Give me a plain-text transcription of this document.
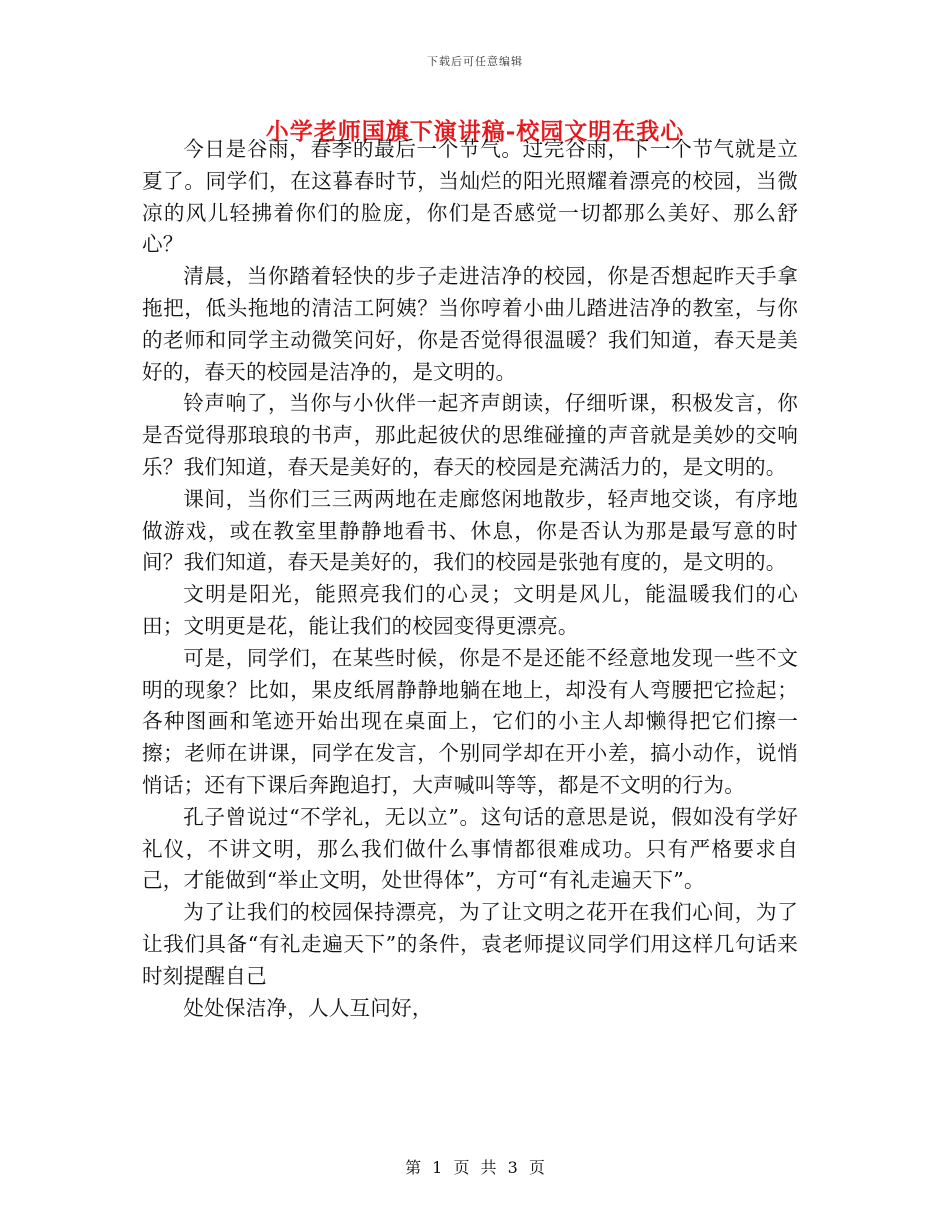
下载后可任意编辑
小学老师国旗下演讲稿-校园文明在我心

今日是谷雨，春季的最后一个节气。过完谷雨，下一个节气就是立夏了。同学们，在这暮春时节，当灿烂的阳光照耀着漂亮的校园，当微凉的风儿轻拂着你们的脸庞，你们是否感觉一切都那么美好、那么舒心？

清晨，当你踏着轻快的步子走进洁净的校园，你是否想起昨天手拿拖把，低头拖地的清洁工阿姨？当你哼着小曲儿踏进洁净的教室，与你的老师和同学主动微笑问好，你是否觉得很温暖？我们知道，春天是美好的，春天的校园是洁净的，是文明的。

铃声响了，当你与小伙伴一起齐声朗读，仔细听课，积极发言，你是否觉得那琅琅的书声，那此起彼伏的思维碰撞的声音就是美妙的交响乐？我们知道，春天是美好的，春天的校园是充满活力的，是文明的。

课间，当你们三三两两地在走廊悠闲地散步，轻声地交谈，有序地做游戏，或在教室里静静地看书、休息，你是否认为那是最写意的时间？我们知道，春天是美好的，我们的校园是张弛有度的，是文明的。

文明是阳光，能照亮我们的心灵；文明是风儿，能温暖我们的心田；文明更是花，能让我们的校园变得更漂亮。

可是，同学们，在某些时候，你是不是还能不经意地发现一些不文明的现象？比如，果皮纸屑静静地躺在地上，却没有人弯腰把它捡起；各种图画和笔迹开始出现在桌面上，它们的小主人却懒得把它们擦一擦；老师在讲课，同学在发言，个别同学却在开小差，搞小动作，说悄悄话；还有下课后奔跑追打，大声喊叫等等，都是不文明的行为。

孔子曾说过“不学礼，无以立”。这句话的意思是说，假如没有学好礼仪，不讲文明，那么我们做什么事情都很难成功。只有严格要求自己，才能做到“举止文明，处世得体”，方可“有礼走遍天下”。

为了让我们的校园保持漂亮，为了让文明之花开在我们心间，为了让我们具备“有礼走遍天下”的条件，袁老师提议同学们用这样几句话来时刻提醒自己

处处保洁净，人人互问好，

第 1 页 共 3 页
